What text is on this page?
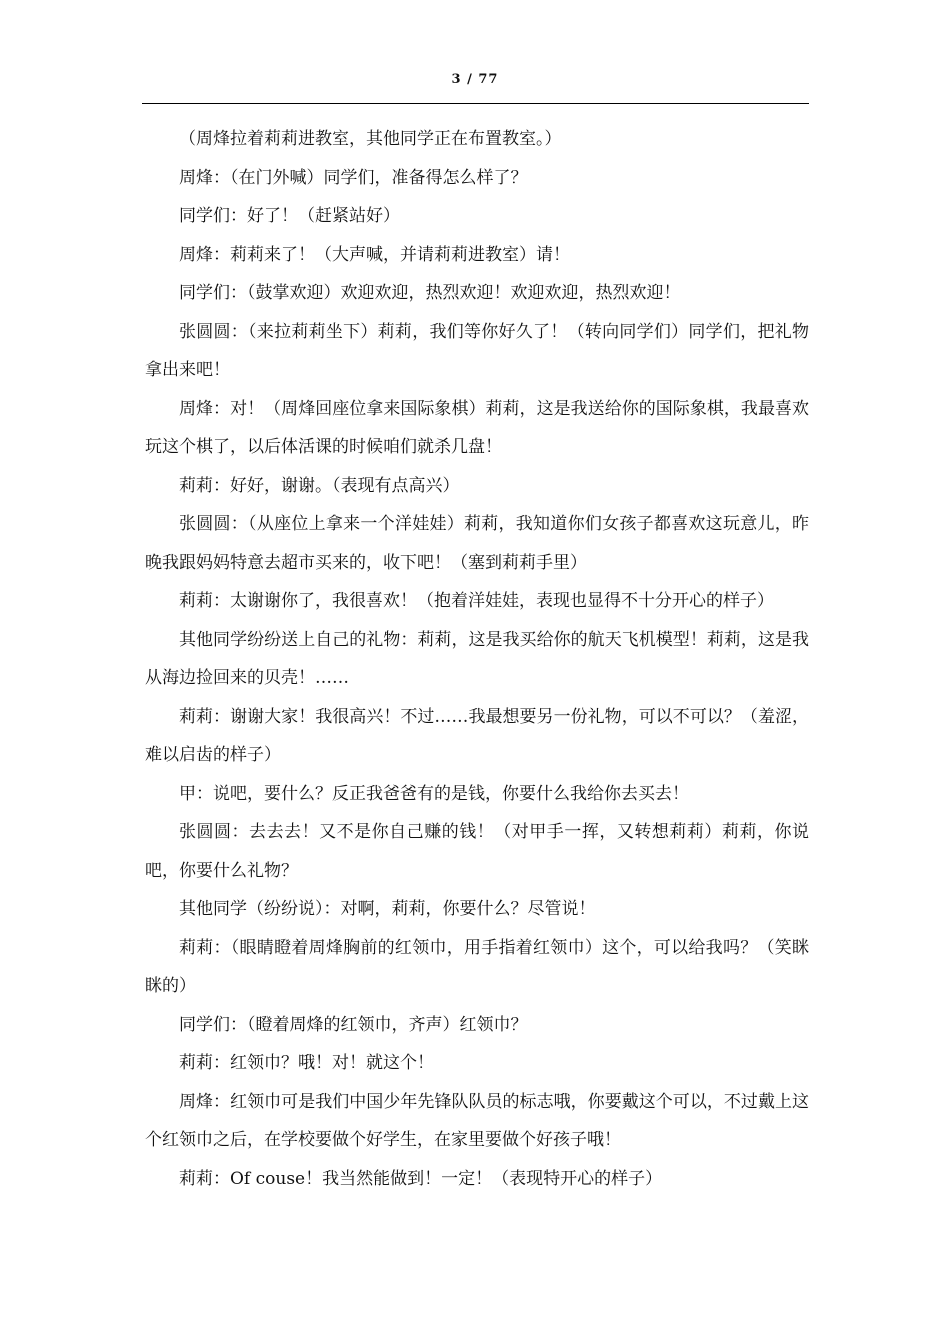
3 / 77

（周烽拉着莉莉进教室，其他同学正在布置教室。）

周烽：（在门外喊）同学们，准备得怎么样了？

同学们：好了！（赶紧站好）

周烽：莉莉来了！（大声喊，并请莉莉进教室）请！

同学们：（鼓掌欢迎）欢迎欢迎，热烈欢迎！欢迎欢迎，热烈欢迎！

张圆圆：（来拉莉莉坐下）莉莉，我们等你好久了！（转向同学们）同学们，把礼物拿出来吧！

周烽：对！（周烽回座位拿来国际象棋）莉莉，这是我送给你的国际象棋，我最喜欢玩这个棋了，以后体活课的时候咱们就杀几盘！

莉莉：好好，谢谢。（表现有点高兴）

张圆圆：（从座位上拿来一个洋娃娃）莉莉，我知道你们女孩子都喜欢这玩意儿，昨晚我跟妈妈特意去超市买来的，收下吧！（塞到莉莉手里）

莉莉：太谢谢你了，我很喜欢！（抱着洋娃娃，表现也显得不十分开心的样子）

其他同学纷纷送上自己的礼物：莉莉，这是我买给你的航天飞机模型！莉莉，这是我从海边捡回来的贝壳！……

莉莉：谢谢大家！我很高兴！不过……我最想要另一份礼物，可以不可以？（羞涩，难以启齿的样子）

甲：说吧，要什么？反正我爸爸有的是钱，你要什么我给你去买去！

张圆圆：去去去！又不是你自己赚的钱！（对甲手一挥，又转想莉莉）莉莉，你说吧，你要什么礼物？

其他同学（纷纷说）：对啊，莉莉，你要什么？尽管说！

莉莉：（眼睛瞪着周烽胸前的红领巾，用手指着红领巾）这个，可以给我吗？（笑眯眯的）

同学们：（瞪着周烽的红领巾，齐声）红领巾？

莉莉：红领巾？哦！对！就这个！

周烽：红领巾可是我们中国少年先锋队队员的标志哦，你要戴这个可以，不过戴上这个红领巾之后，在学校要做个好学生，在家里要做个好孩子哦！

莉莉：Of couse！我当然能做到！一定！（表现特开心的样子）
